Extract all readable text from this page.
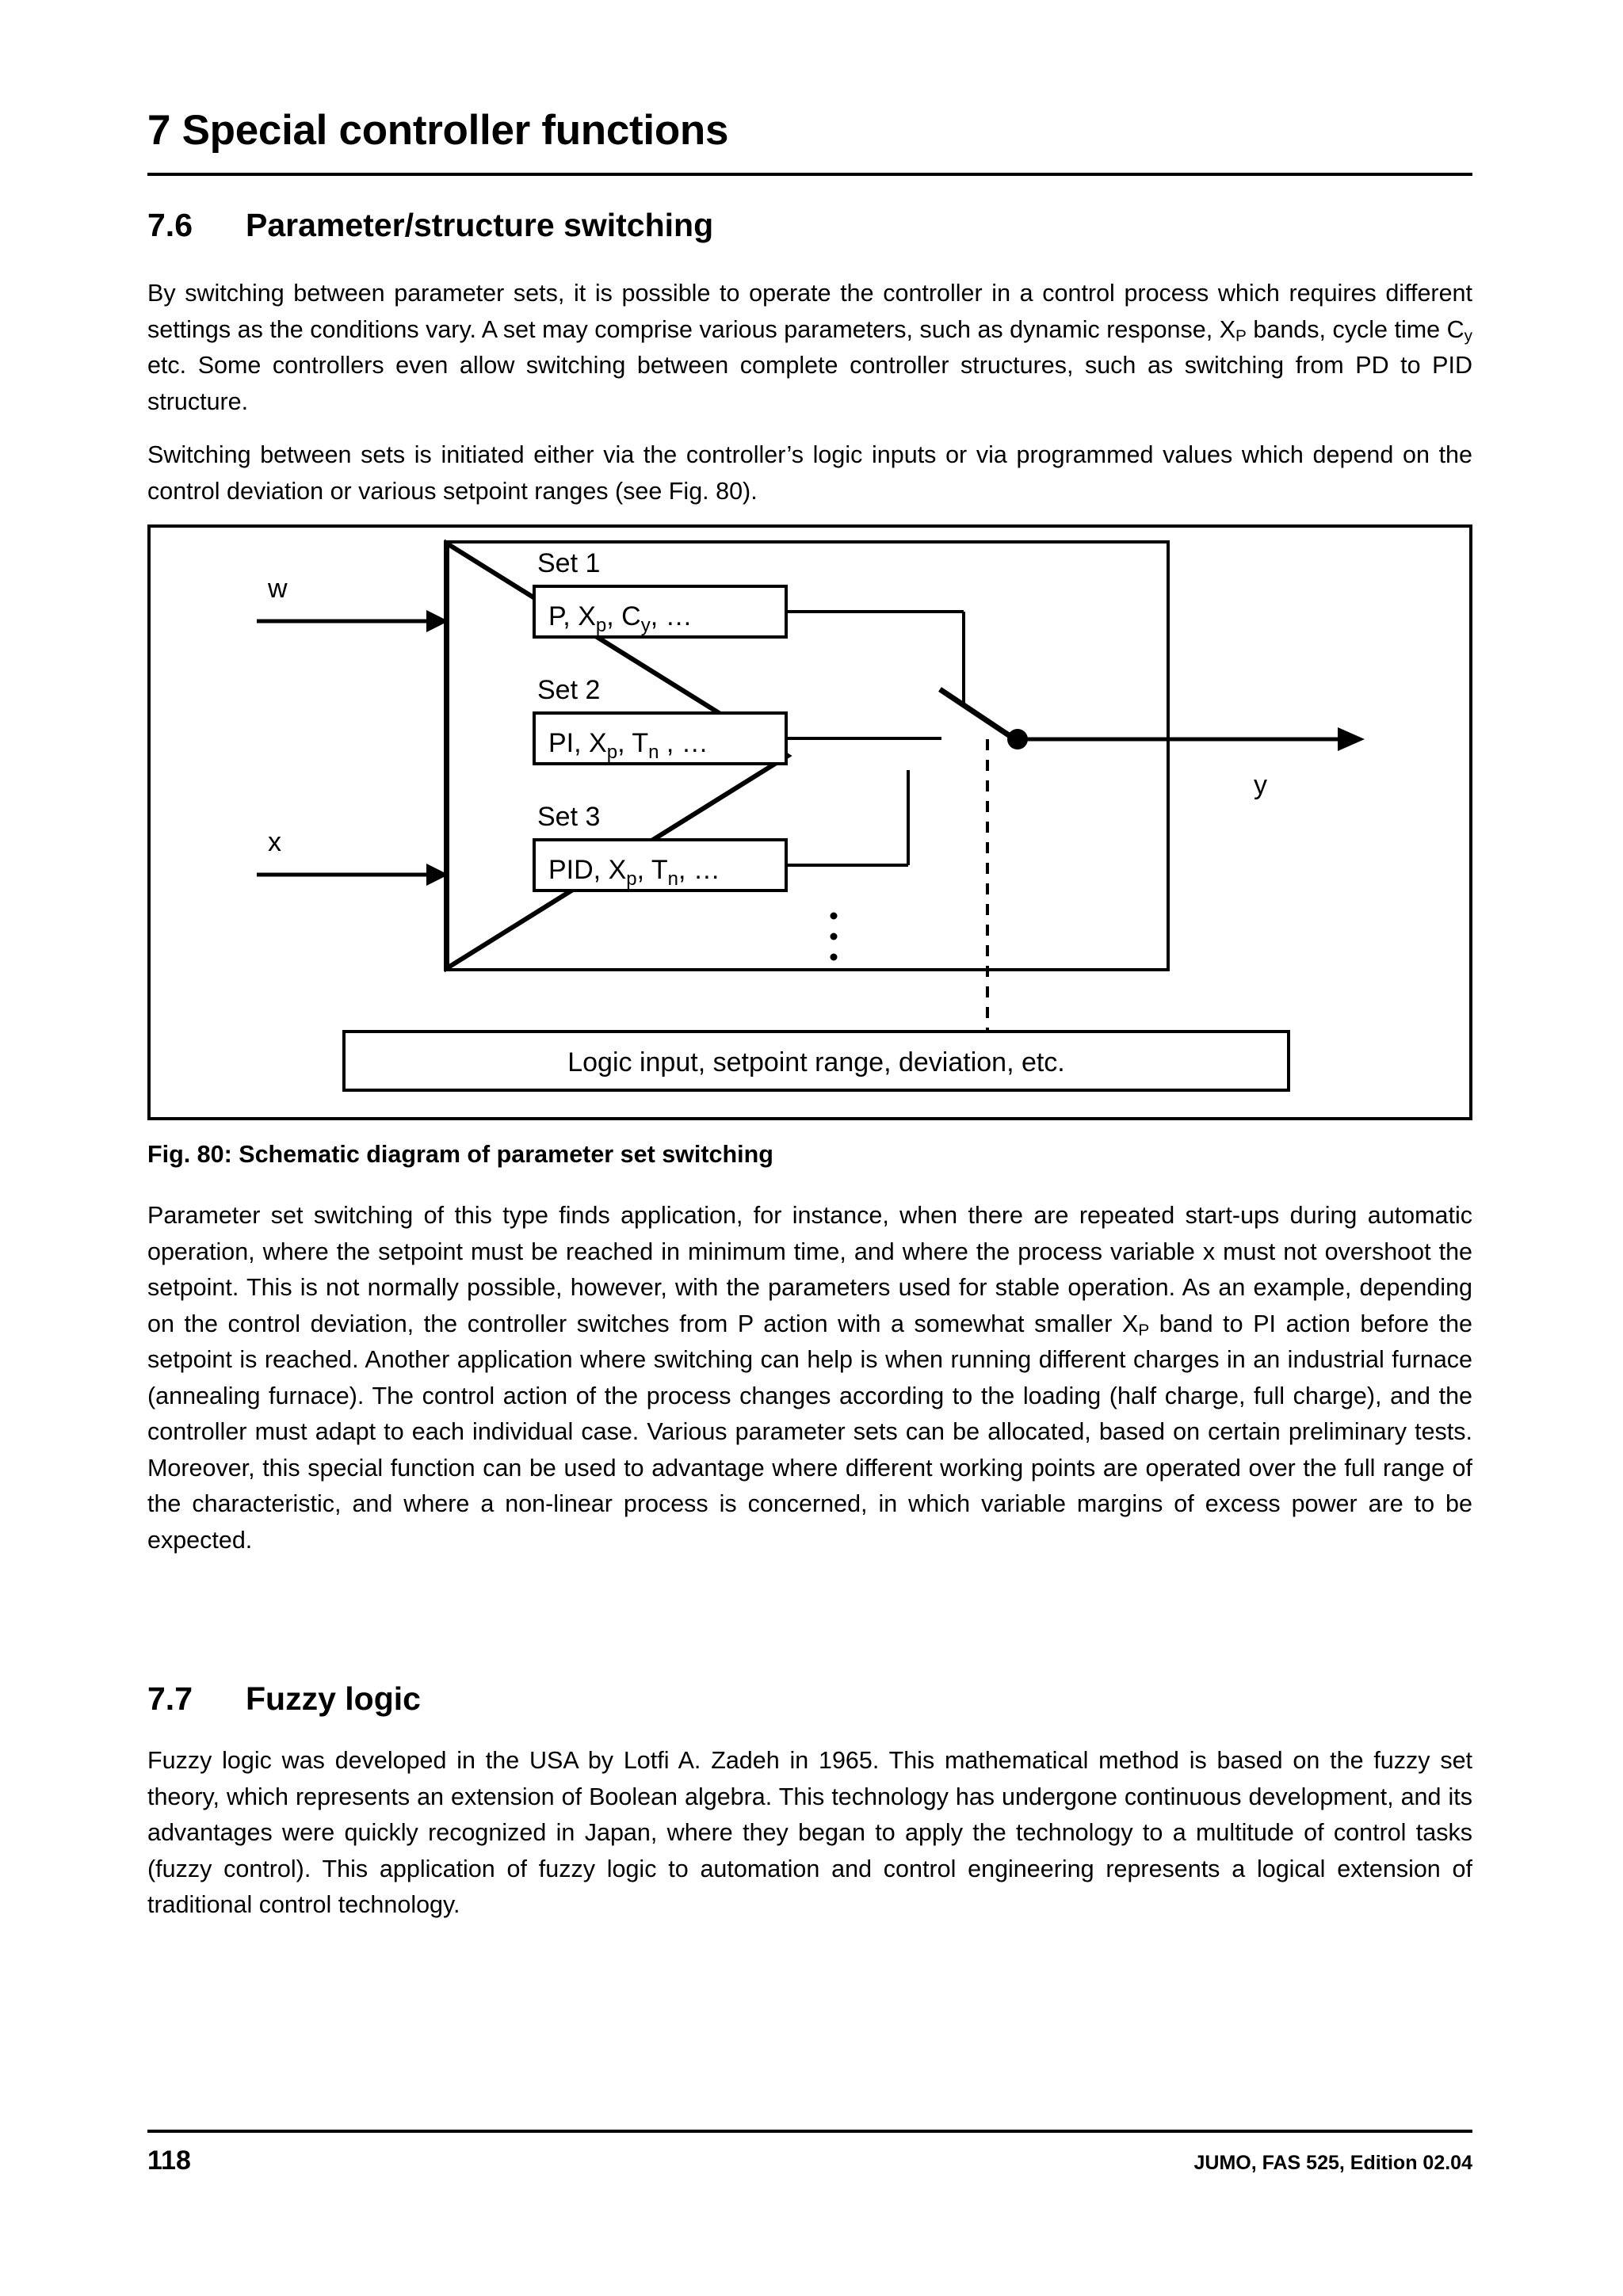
7 Special controller functions
7.6 Parameter/structure switching
By switching between parameter sets, it is possible to operate the controller in a control process which requires different settings as the conditions vary. A set may comprise various parameters, such as dynamic response, $X_P$ bands, cycle time $C_y$ etc. Some controllers even allow switching between complete controller structures, such as switching from PD to PID structure.
Switching between sets is initiated either via the controller’s logic inputs or via programmed values which depend on the control deviation or various setpoint ranges (see Fig. 80).
w
x
y
Set 1
Set 2
Set 3
P, $X_p$, $C_y$, …
PI, $X_p$, $T_n$ , …
PID, $X_p$, $T_n$, …
Logic input, setpoint range, deviation, etc.
Fig. 80: Schematic diagram of parameter set switching
Parameter set switching of this type finds application, for instance, when there are repeated start-ups during automatic operation, where the setpoint must be reached in minimum time, and where the process variable x must not overshoot the setpoint. This is not normally possible, however, with the parameters used for stable operation. As an example, depending on the control deviation, the controller switches from P action with a somewhat smaller $X_P$ band to PI action before the setpoint is reached. Another application where switching can help is when running different charges in an industrial furnace (annealing furnace). The control action of the process changes according to the loading (half charge, full charge), and the controller must adapt to each individual case. Various parameter sets can be allocated, based on certain preliminary tests. Moreover, this special function can be used to advantage where different working points are operated over the full range of the characteristic, and where a non-linear process is concerned, in which variable margins of excess power are to be expected.
7.7 Fuzzy logic
Fuzzy logic was developed in the USA by Lotfi A. Zadeh in 1965. This mathematical method is based on the fuzzy set theory, which represents an extension of Boolean algebra. This technology has undergone continuous development, and its advantages were quickly recognized in Japan, where they began to apply the technology to a multitude of control tasks (fuzzy control). This application of fuzzy logic to automation and control engineering represents a logical extension of traditional control technology.
118	JUMO, FAS 525, Edition 02.04
